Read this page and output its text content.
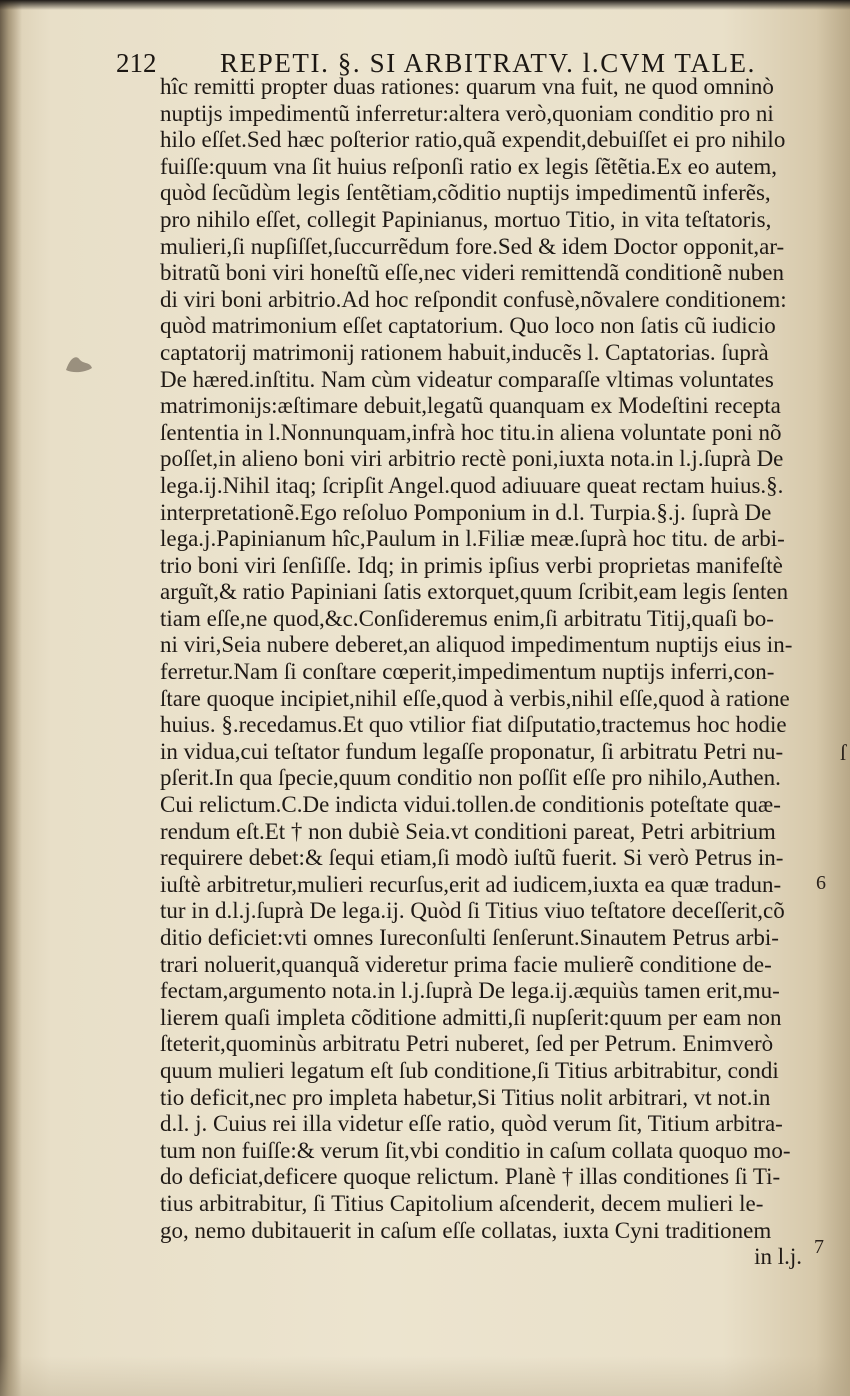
212 REPETI. §. SI ARBITRATV. l.CVM TALE.
hîc remitti propter duas rationes: quarum vna fuit, ne quod omninò
nuptijs impedimentũ inferretur:altera verò,quoniam conditio pro ni
hilo eſſet.Sed hæc poſterior ratio,quã expendit,debuiſſet ei pro nihilo
fuiſſe:quum vna ſit huius reſponſi ratio ex legis ſẽtẽtia.Ex eo autem,
quòd ſecũdùm legis ſentẽtiam,cõditio nuptijs impedimentũ inferẽs,
pro nihilo eſſet, collegit Papinianus, mortuo Titio, in vita teſtatoris,
mulieri,ſi nupſiſſet,ſuccurrẽdum fore.Sed & idem Doctor opponit,ar-
bitratũ boni viri honeſtũ eſſe,nec videri remittendã conditionẽ nuben
di viri boni arbitrio.Ad hoc reſpondit confusè,nõvalere conditionem:
quòd matrimonium eſſet captatorium. Quo loco non ſatis cũ iudicio
captatorij matrimonij rationem habuit,inducẽs l. Captatorias. ſuprà
De hæred.inſtitu. Nam cùm videatur comparaſſe vltimas voluntates
matrimonijs:æſtimare debuit,legatũ quanquam ex Modeſtini recepta
ſententia in l.Nonnunquam,infrà hoc titu.in aliena voluntate poni nõ
poſſet,in alieno boni viri arbitrio rectè poni,iuxta nota.in l.j.ſuprà De
lega.ij.Nihil itaq; ſcripſit Angel.quod adiuuare queat rectam huius.§.
interpretationẽ.Ego reſoluo Pomponium in d.l. Turpia.§.j. ſuprà De
lega.j.Papinianum hîc,Paulum in l.Filiæ meæ.ſuprà hoc titu. de arbi-
trio boni viri ſenſiſſe. Idq; in primis ipſius verbi proprietas manifeſtè
arguĩt,& ratio Papiniani ſatis extorquet,quum ſcribit,eam legis ſenten
tiam eſſe,ne quod,&c.Conſideremus enim,ſi arbitratu Titij,quaſi bo-
ni viri,Seia nubere deberet,an aliquod impedimentum nuptijs eius in-
ferretur.Nam ſi conſtare cœperit,impedimentum nuptijs inferri,con-
ſtare quoque incipiet,nihil eſſe,quod à verbis,nihil eſſe,quod à ratione
huius. §.recedamus.Et quo vtilior fiat diſputatio,tractemus hoc hodie
in vidua,cui teſtator fundum legaſſe proponatur, ſi arbitratu Petri nu-
pſerit.In qua ſpecie,quum conditio non poſſit eſſe pro nihilo,Authen.
Cui relictum.C.De indicta vidui.tollen.de conditionis poteſtate quæ-
rendum eſt.Et † non dubiè Seia.vt conditioni pareat, Petri arbitrium
requirere debet:& ſequi etiam,ſi modò iuſtũ fuerit. Si verò Petrus in-
iuſtè arbitretur,mulieri recurſus,erit ad iudicem,iuxta ea quæ tradun-
tur in d.l.j.ſuprà De lega.ij. Quòd ſi Titius viuo teſtatore deceſſerit,cõ
ditio deficiet:vti omnes Iureconſulti ſenſerunt.Sinautem Petrus arbi-
trari noluerit,quanquã videretur prima facie mulierẽ conditione de-
fectam,argumento nota.in l.j.ſuprà De lega.ij.æquiùs tamen erit,mu-
lierem quaſi impleta cõditione admitti,ſi nupſerit:quum per eam non
ſteterit,quominùs arbitratu Petri nuberet, ſed per Petrum. Enimverò
quum mulieri legatum eſt ſub conditione,ſi Titius arbitrabitur, condi
tio deficit,nec pro impleta habetur,Si Titius nolit arbitrari, vt not.in
d.l. j. Cuius rei illa videtur eſſe ratio, quòd verum ſit, Titium arbitra-
tum non fuiſſe:& verum ſit,vbi conditio in caſum collata quoquo mo-
do deficiat,deficere quoque relictum. Planè † illas conditiones ſi Ti-
tius arbitrabitur, ſi Titius Capitolium aſcenderit, decem mulieri le-
go, nemo dubitauerit in caſum eſſe collatas, iuxta Cyni traditionem
in l.j.
6
7
ſ
